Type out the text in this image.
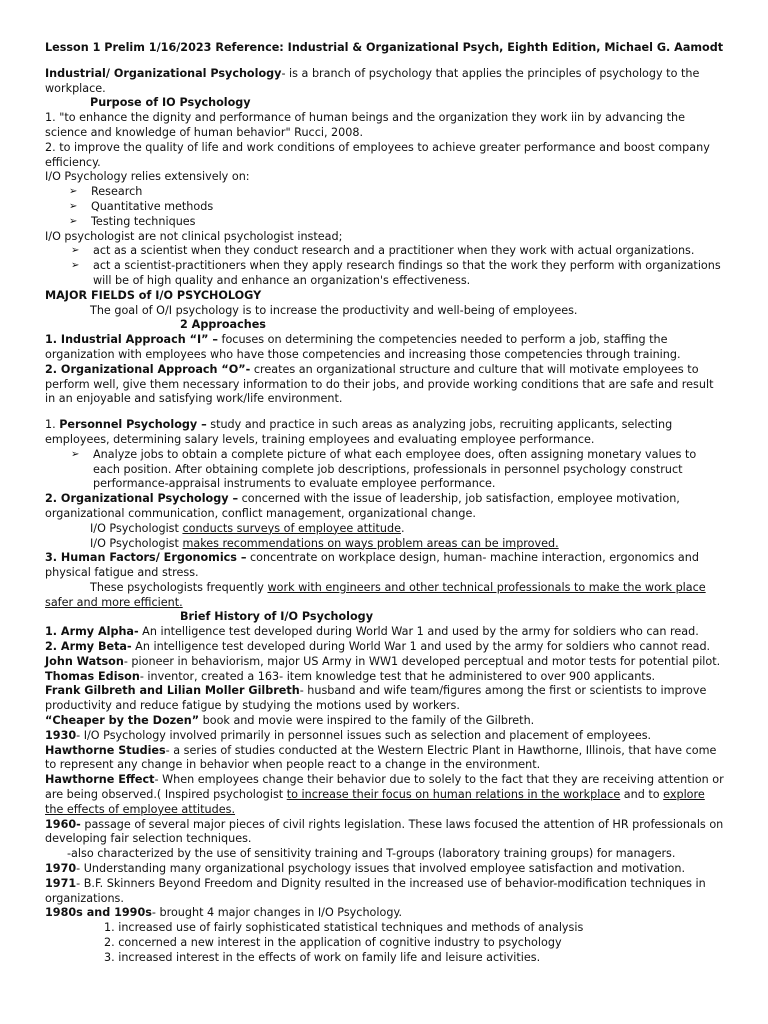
Lesson 1 Prelim 1/16/2023 Reference: Industrial & Organizational Psych, Eighth Edition, Michael G. Aamodt

Industrial/ Organizational Psychology- is a branch of psychology that applies the principles of psychology to the workplace.

Purpose of IO Psychology

1. "to enhance the dignity and performance of human beings and the organization they work iin by advancing the science and knowledge of human behavior" Rucci, 2008.

2. to improve the quality of life and work conditions of employees to achieve greater performance and boost company efficiency.

I/O Psychology relies extensively on:

➢	Research
➢	Quantitative methods
➢	Testing techniques

I/O psychologist are not clinical psychologist instead;

➢	act as a scientist when they conduct research and a practitioner when they work with actual organizations.
➢	act a scientist-practitioners when they apply research findings so that the work they perform with organizations will be of high quality and enhance an organization's effectiveness.

MAJOR FIELDS of I/O PSYCHOLOGY

The goal of O/I psychology is to increase the productivity and well-being of employees.

2 Approaches

1. Industrial Approach “I” – focuses on determining the competencies needed to perform a job, staffing the organization with employees who have those competencies and increasing those competencies through training.

2. Organizational Approach “O”- creates an organizational structure and culture that will motivate employees to perform well, give them necessary information to do their jobs, and provide working conditions that are safe and result in an enjoyable and satisfying work/life environment.

1. Personnel Psychology – study and practice in such areas as analyzing jobs, recruiting applicants, selecting employees, determining salary levels, training employees and evaluating employee performance.

➢	Analyze jobs to obtain a complete picture of what each employee does, often assigning monetary values to each position. After obtaining complete job descriptions, professionals in personnel psychology construct performance-appraisal instruments to evaluate employee performance.

2. Organizational Psychology – concerned with the issue of leadership, job satisfaction, employee motivation, organizational communication, conflict management, organizational change.

I/O Psychologist conducts surveys of employee attitude.

I/O Psychologist makes recommendations on ways problem areas can be improved.

3. Human Factors/ Ergonomics – concentrate on workplace design, human- machine interaction, ergonomics and physical fatigue and stress.

These psychologists frequently work with engineers and other technical professionals to make the work place safer and more efficient.

Brief History of I/O Psychology

1. Army Alpha- An intelligence test developed during World War 1 and used by the army for soldiers who can read.

2. Army Beta- An intelligence test developed during World War 1 and used by the army for soldiers who cannot read.

John Watson- pioneer in behaviorism, major US Army in WW1 developed perceptual and motor tests for potential pilot.

Thomas Edison- inventor, created a 163- item knowledge test that he administered to over 900 applicants.

Frank Gilbreth and Lilian Moller Gilbreth- husband and wife team/figures among the first or scientists to improve productivity and reduce fatigue by studying the motions used by workers.

“Cheaper by the Dozen” book and movie were inspired to the family of the Gilbreth.

1930- I/O Psychology involved primarily in personnel issues such as selection and placement of employees.

Hawthorne Studies- a series of studies conducted at the Western Electric Plant in Hawthorne, Illinois, that have come to represent any change in behavior when people react to a change in the environment.

Hawthorne Effect- When employees change their behavior due to solely to the fact that they are receiving attention or are being observed.( Inspired psychologist to increase their focus on human relations in the workplace and to explore the effects of employee attitudes.

1960- passage of several major pieces of civil rights legislation. These laws focused the attention of HR professionals on developing fair selection techniques.

-also characterized by the use of sensitivity training and T-groups (laboratory training groups) for managers.

1970- Understanding many organizational psychology issues that involved employee satisfaction and motivation.

1971- B.F. Skinners Beyond Freedom and Dignity resulted in the increased use of behavior-modification techniques in organizations.

1980s and 1990s- brought 4 major changes in I/O Psychology.

1. increased use of fairly sophisticated statistical techniques and methods of analysis

2. concerned a new interest in the application of cognitive industry to psychology

3. increased interest in the effects of work on family life and leisure activities.
